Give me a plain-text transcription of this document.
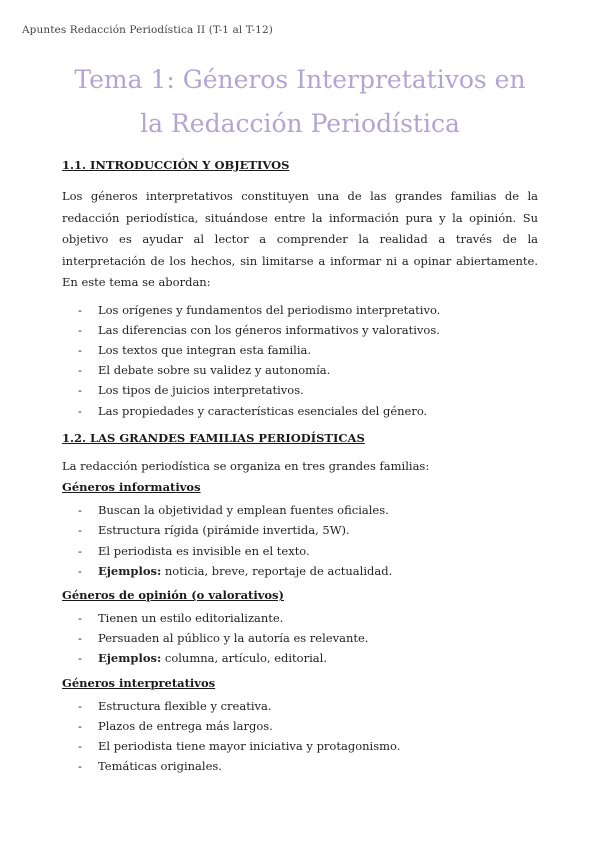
Apuntes Redacción Periodística II (T-1 al T-12)
Tema 1: Géneros Interpretativos en
la Redacción Periodística
1.1. INTRODUCCIÓN Y OBJETIVOS

Los géneros interpretativos constituyen una de las grandes familias de la redacción periodística, situándose entre la información pura y la opinión. Su objetivo es ayudar al lector a comprender la realidad a través de la interpretación de los hechos, sin limitarse a informar ni a opinar abiertamente. En este tema se abordan:

- Los orígenes y fundamentos del periodismo interpretativo.
- Las diferencias con los géneros informativos y valorativos.
- Los textos que integran esta familia.
- El debate sobre su validez y autonomía.
- Los tipos de juicios interpretativos.
- Las propiedades y características esenciales del género.
1.2. LAS GRANDES FAMILIAS PERIODÍSTICAS

La redacción periodística se organiza en tres grandes familias:

Géneros informativos
- Buscan la objetividad y emplean fuentes oficiales.
- Estructura rígida (pirámide invertida, 5W).
- El periodista es invisible en el texto.
- Ejemplos: noticia, breve, reportaje de actualidad.
Géneros de opinión (o valorativos)
- Tienen un estilo editorializante.
- Persuaden al público y la autoría es relevante.
- Ejemplos: columna, artículo, editorial.
Géneros interpretativos
- Estructura flexible y creativa.
- Plazos de entrega más largos.
- El periodista tiene mayor iniciativa y protagonismo.
- Temáticas originales.
